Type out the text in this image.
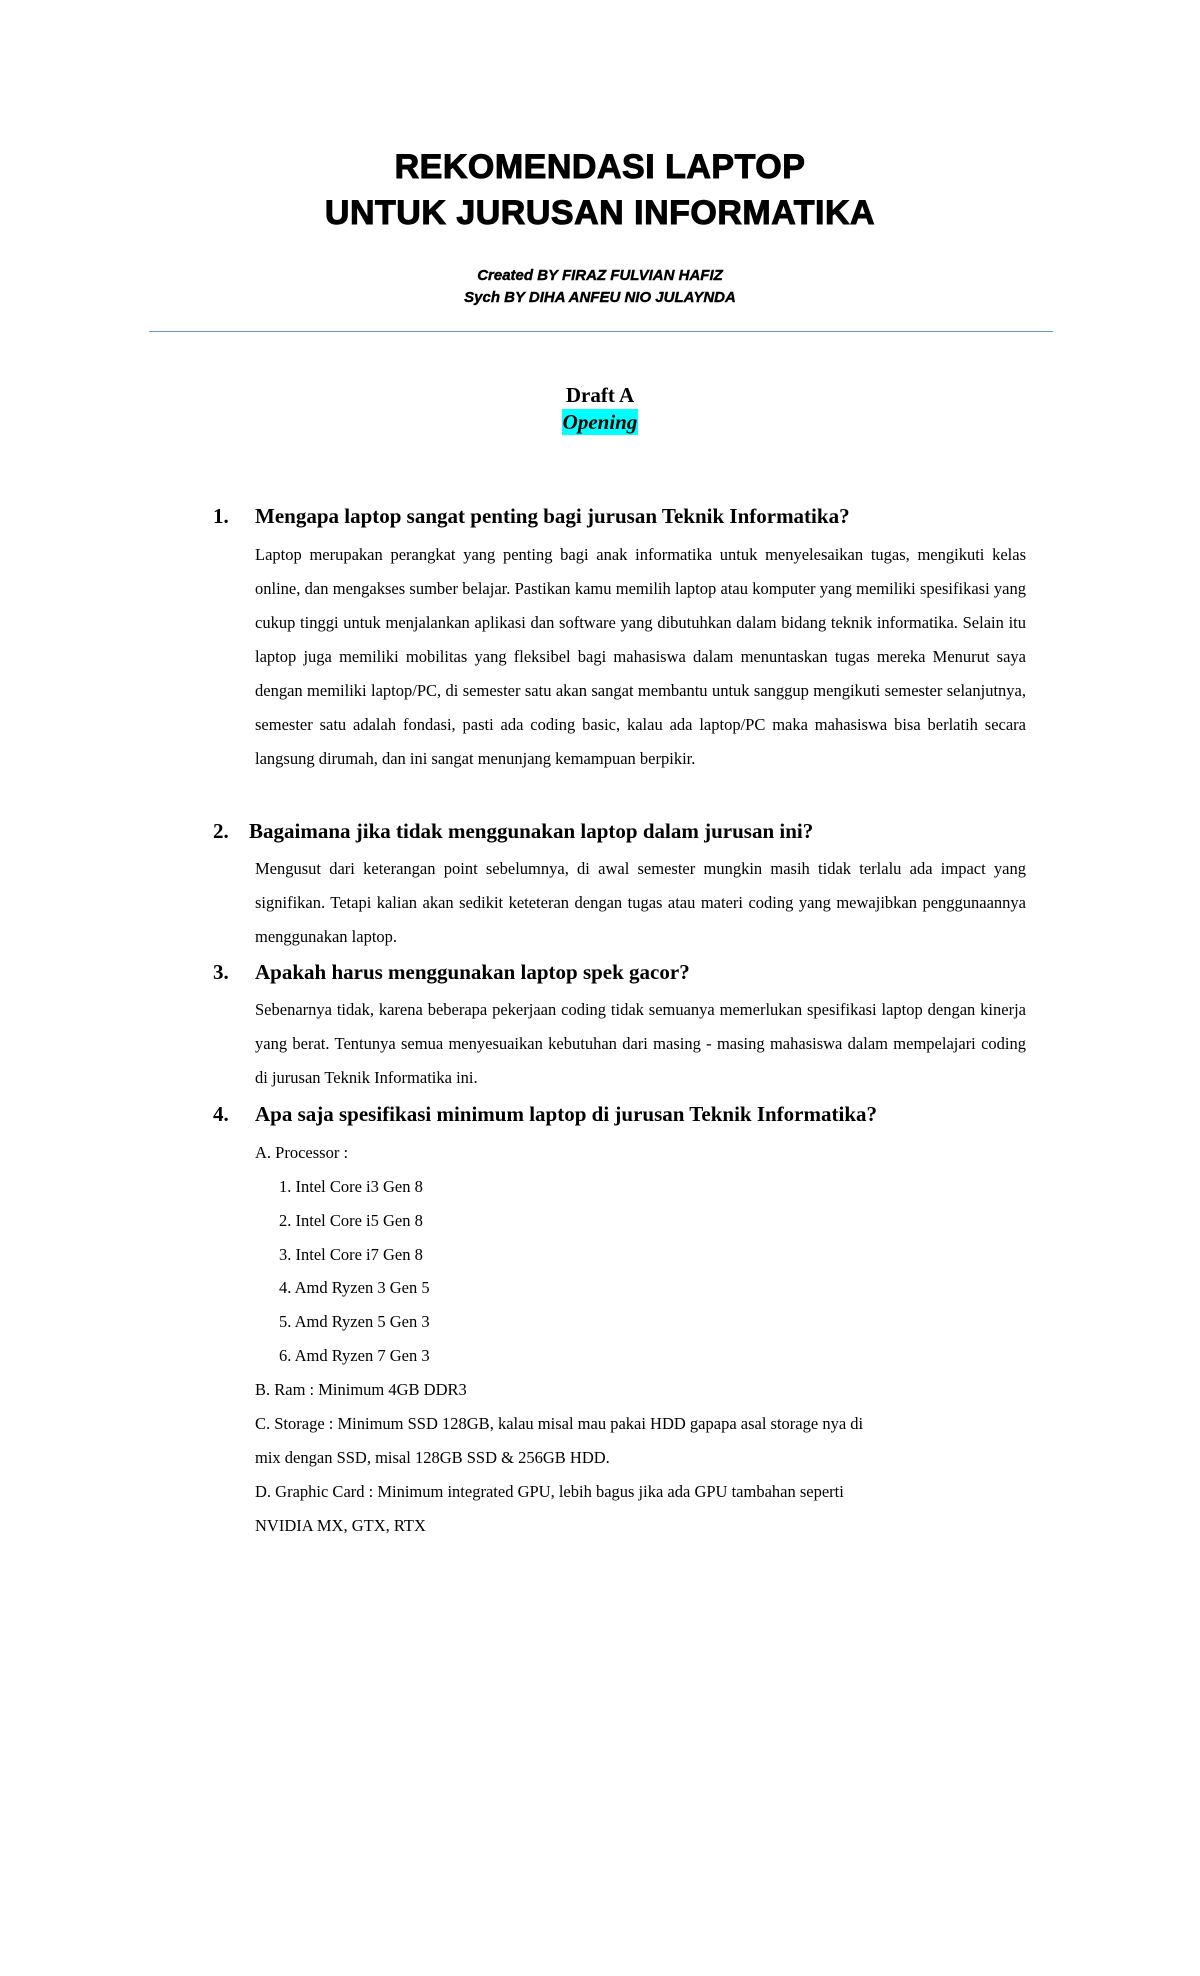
REKOMENDASI LAPTOP
UNTUK JURUSAN INFORMATIKA
Created BY FIRAZ FULVIAN HAFIZ
Sych BY DIHA ANFEU NIO JULAYNDA
Draft A
Opening
1. Mengapa laptop sangat penting bagi jurusan Teknik Informatika?
Laptop merupakan perangkat yang penting bagi anak informatika untuk menyelesaikan tugas, mengikuti kelas online, dan mengakses sumber belajar. Pastikan kamu memilih laptop atau komputer yang memiliki spesifikasi yang cukup tinggi untuk menjalankan aplikasi dan software yang dibutuhkan dalam bidang teknik informatika. Selain itu laptop juga memiliki mobilitas yang fleksibel bagi mahasiswa dalam menuntaskan tugas mereka Menurut saya dengan memiliki laptop/PC, di semester satu akan sangat membantu untuk sanggup mengikuti semester selanjutnya, semester satu adalah fondasi, pasti ada coding basic, kalau ada laptop/PC maka mahasiswa bisa berlatih secara langsung dirumah, dan ini sangat menunjang kemampuan berpikir.
2. Bagaimana jika tidak menggunakan laptop dalam jurusan ini?
Mengusut dari keterangan point sebelumnya, di awal semester mungkin masih tidak terlalu ada impact yang signifikan. Tetapi kalian akan sedikit keteteran dengan tugas atau materi coding yang mewajibkan penggunaannya menggunakan laptop.
3. Apakah harus menggunakan laptop spek gacor?
Sebenarnya tidak, karena beberapa pekerjaan coding tidak semuanya memerlukan spesifikasi laptop dengan kinerja yang berat. Tentunya semua menyesuaikan kebutuhan dari masing - masing mahasiswa dalam mempelajari coding di jurusan Teknik Informatika ini.
4. Apa saja spesifikasi minimum laptop di jurusan Teknik Informatika?
A. Processor :
1. Intel Core i3 Gen 8
2. Intel Core i5 Gen 8
3. Intel Core i7 Gen 8
4. Amd Ryzen 3 Gen 5
5. Amd Ryzen 5 Gen 3
6. Amd Ryzen 7 Gen 3
B. Ram : Minimum 4GB DDR3
C. Storage : Minimum SSD 128GB, kalau misal mau pakai HDD gapapa asal storage nya di
mix dengan SSD, misal 128GB SSD & 256GB HDD.
D. Graphic Card : Minimum integrated GPU, lebih bagus jika ada GPU tambahan seperti
NVIDIA MX, GTX, RTX
